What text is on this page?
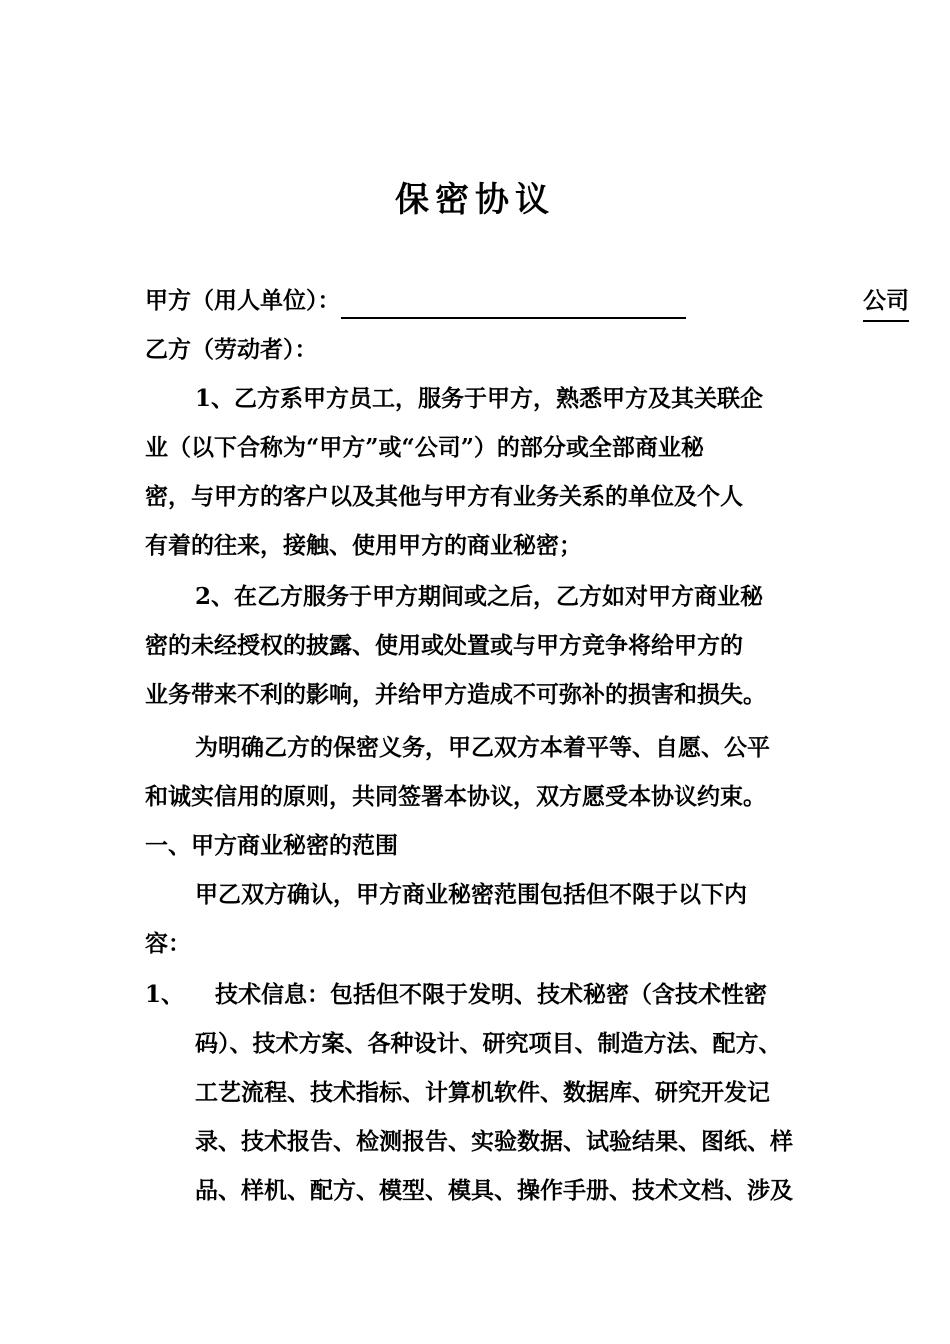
保密协议
甲方（用人单位）：	公司
乙方（劳动者）：
1、乙方系甲方员工，服务于甲方，熟悉甲方及其关联企
业（以下合称为“甲方”或“公司”）的部分或全部商业秘
密，与甲方的客户以及其他与甲方有业务关系的单位及个人
有着的往来，接触、使用甲方的商业秘密；
2、在乙方服务于甲方期间或之后，乙方如对甲方商业秘
密的未经授权的披露、使用或处置或与甲方竞争将给甲方的
业务带来不利的影响，并给甲方造成不可弥补的损害和损失。
为明确乙方的保密义务，甲乙双方本着平等、自愿、公平
和诚实信用的原则，共同签署本协议，双方愿受本协议约束。
一、甲方商业秘密的范围
甲乙双方确认，甲方商业秘密范围包括但不限于以下内
容：
1、 技术信息：包括但不限于发明、技术秘密（含技术性密
码）、技术方案、各种设计、研究项目、制造方法、配方、
工艺流程、技术指标、计算机软件、数据库、研究开发记
录、技术报告、检测报告、实验数据、试验结果、图纸、样
品、样机、配方、模型、模具、操作手册、技术文档、涉及
